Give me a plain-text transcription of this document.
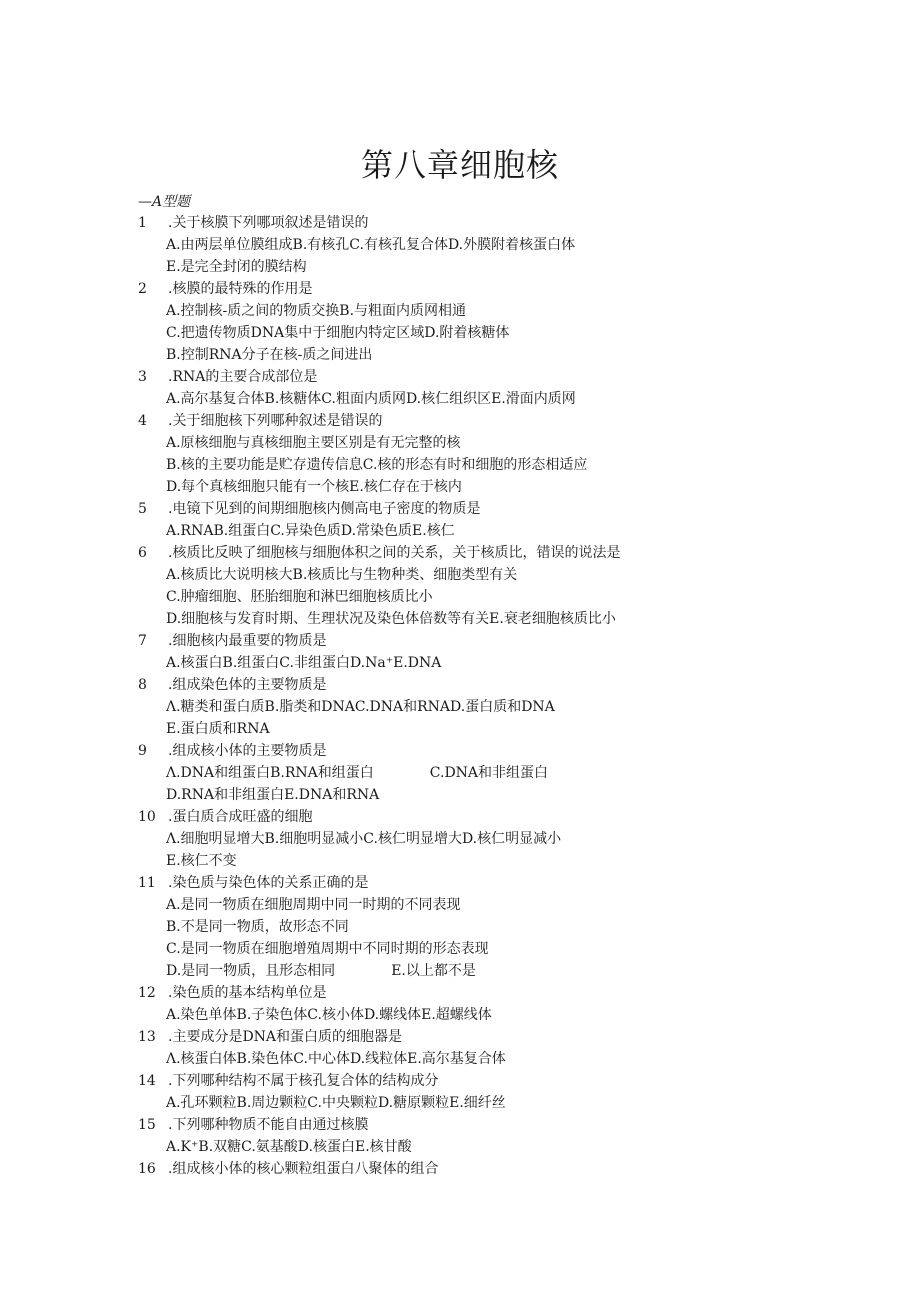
第八章细胞核
—A型题
1 .关于核膜下列哪项叙述是错误的
A.由两层单位膜组成B.有核孔C.有核孔复合体D.外膜附着核蛋白体
E.是完全封闭的膜结构
2 .核膜的最特殊的作用是
A.控制核-质之间的物质交换B.与粗面内质网相通
C.把遗传物质DNA集中于细胞内特定区域D.附着核糖体
B.控制RNA分子在核-质之间进出
3 .RNA的主要合成部位是
A.高尔基复合体B.核糖体C.粗面内质网D.核仁组织区E.滑面内质网
4 .关于细胞核下列哪种叙述是错误的
A.原核细胞与真核细胞主要区别是有无完整的核
B.核的主要功能是贮存遗传信息C.核的形态有时和细胞的形态相适应
D.每个真核细胞只能有一个核E.核仁存在于核内
5 .电镜下见到的间期细胞核内侧高电子密度的物质是
A.RNAB.组蛋白C.异染色质D.常染色质E.核仁
6 .核质比反映了细胞核与细胞体积之间的关系，关于核质比，错误的说法是
A.核质比大说明核大B.核质比与生物种类、细胞类型有关
C.肿瘤细胞、胚胎细胞和淋巴细胞核质比小
D.细胞核与发育时期、生理状况及染色体倍数等有关E.衰老细胞核质比小
7 .细胞核内最重要的物质是
A.核蛋白B.组蛋白C.非组蛋白D.Na⁺E.DNA
8 .组成染色体的主要物质是
Λ.糖类和蛋白质B.脂类和DNAC.DNA和RNAD.蛋白质和DNA
E.蛋白质和RNA
9 .组成核小体的主要物质是
Λ.DNA和组蛋白B.RNA和组蛋白	C.DNA和非组蛋白
D.RNA和非组蛋白E.DNA和RNA
10 .蛋白质合成旺盛的细胞
Λ.细胞明显增大B.细胞明显减小C.核仁明显增大D.核仁明显减小
E.核仁不变
11 .染色质与染色体的关系正确的是
A.是同一物质在细胞周期中同一时期的不同表现
B.不是同一物质，故形态不同
C.是同一物质在细胞增殖周期中不同时期的形态表现
D.是同一物质，且形态相同	E.以上都不是
12 .染色质的基本结构单位是
A.染色单体B.子染色体C.核小体D.螺线体E.超螺线体
13 .主要成分是DNA和蛋白质的细胞器是
Λ.核蛋白体B.染色体C.中心体D.线粒体E.高尔基复合体
14 .下列哪种结构不属于核孔复合体的结构成分
A.孔环颗粒B.周边颗粒C.中央颗粒D.糖原颗粒E.细纤丝
15 .下列哪种物质不能自由通过核膜
A.K⁺B.双糖C.氨基酸D.核蛋白E.核甘酸
16 .组成核小体的核心颗粒组蛋白八聚体的组合
